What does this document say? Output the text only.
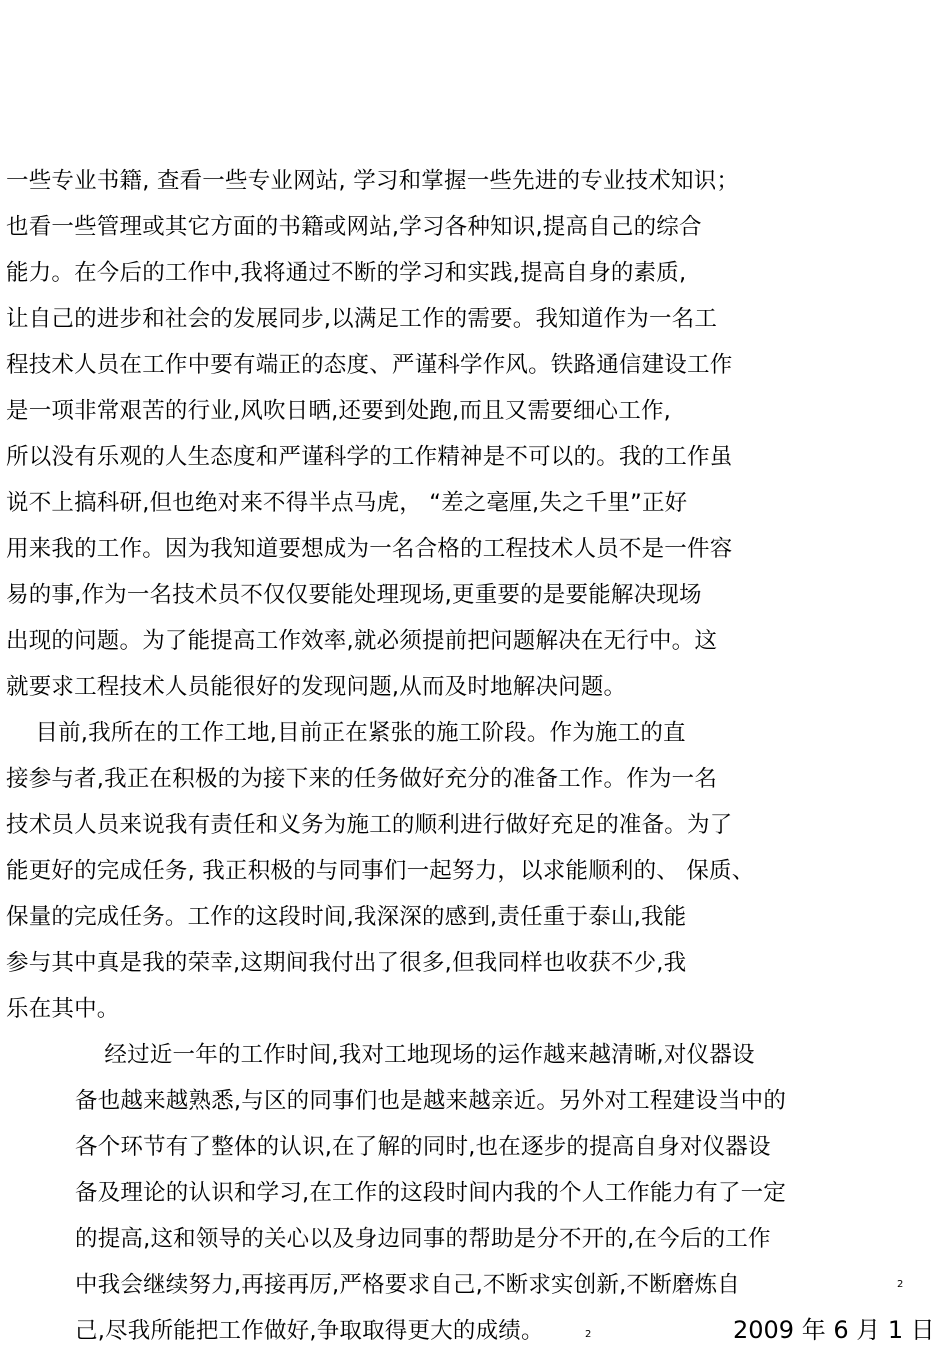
一些专业书籍, 查看一些专业网站, 学习和掌握一些先进的专业技术知识；
也看一些管理或其它方面的书籍或网站,学习各种知识,提高自己的综合
能力。在今后的工作中,我将通过不断的学习和实践,提高自身的素质,
让自己的进步和社会的发展同步,以满足工作的需要。我知道作为一名工
程技术人员在工作中要有端正的态度、严谨科学作风。铁路通信建设工作
是一项非常艰苦的行业,风吹日晒,还要到处跑,而且又需要细心工作,
所以没有乐观的人生态度和严谨科学的工作精神是不可以的。我的工作虽
说不上搞科研,但也绝对来不得半点马虎， “差之毫厘,失之千里”正好
用来我的工作。因为我知道要想成为一名合格的工程技术人员不是一件容
易的事,作为一名技术员不仅仅要能处理现场,更重要的是要能解决现场
出现的问题。为了能提高工作效率,就必须提前把问题解决在无行中。这
就要求工程技术人员能很好的发现问题,从而及时地解决问题。
目前,我所在的工作工地,目前正在紧张的施工阶段。作为施工的直
接参与者,我正在积极的为接下来的任务做好充分的准备工作。作为一名
技术员人员来说我有责任和义务为施工的顺利进行做好充足的准备。为了
能更好的完成任务, 我正积极的与同事们一起努力，以求能顺利的、 保质、
保量的完成任务。工作的这段时间,我深深的感到,责任重于泰山,我能
参与其中真是我的荣幸,这期间我付出了很多,但我同样也收获不少,我
乐在其中。
经过近一年的工作时间,我对工地现场的运作越来越清晰,对仪器设
备也越来越熟悉,与区的同事们也是越来越亲近。另外对工程建设当中的
各个环节有了整体的认识,在了解的同时,也在逐步的提高自身对仪器设
备及理论的认识和学习,在工作的这段时间内我的个人工作能力有了一定
的提高,这和领导的关心以及身边同事的帮助是分不开的,在今后的工作
中我会继续努力,再接再厉,严格要求自己,不断求实创新,不断磨炼自
己,尽我所能把工作做好,争取取得更大的成绩。
2
2	2009 年 6 月 1 日
